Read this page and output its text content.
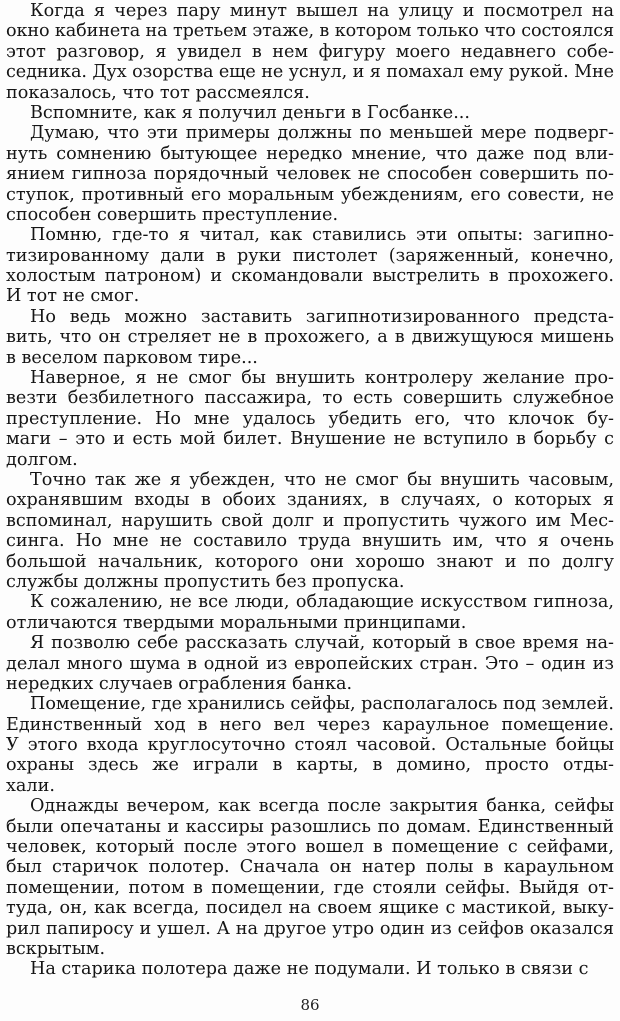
Когда я через пару минут вышел на улицу и посмотрел на
окно кабинета на третьем этаже, в котором только что состоялся
этот разговор, я увидел в нем фигуру моего недавнего собе-
седника. Дух озорства еще не уснул, и я помахал ему рукой. Мне
показалось, что тот рассмеялся.
Вспомните, как я получил деньги в Госбанке...
Думаю, что эти примеры должны по меньшей мере подверг-
нуть сомнению бытующее нередко мнение, что даже под вли-
янием гипноза порядочный человек не способен совершить по-
ступок, противный его моральным убеждениям, его совести, не
способен совершить преступление.
Помню, где-то я читал, как ставились эти опыты: загипно-
тизированному дали в руки пистолет (заряженный, конечно,
холостым патроном) и скомандовали выстрелить в прохожего.
И тот не смог.
Но ведь можно заставить загипнотизированного предста-
вить, что он стреляет не в прохожего, а в движущуюся мишень
в веселом парковом тире...
Наверное, я не смог бы внушить контролеру желание про-
везти безбилетного пассажира, то есть совершить служебное
преступление. Но мне удалось убедить его, что клочок бу-
маги – это и есть мой билет. Внушение не вступило в борьбу с
долгом.
Точно так же я убежден, что не смог бы внушить часовым,
охранявшим входы в обоих зданиях, в случаях, о которых я
вспоминал, нарушить свой долг и пропустить чужого им Мес-
синга. Но мне не составило труда внушить им, что я очень
большой начальник, которого они хорошо знают и по долгу
службы должны пропустить без пропуска.
К сожалению, не все люди, обладающие искусством гипноза,
отличаются твердыми моральными принципами.
Я позволю себе рассказать случай, который в свое время на-
делал много шума в одной из европейских стран. Это – один из
нередких случаев ограбления банка.
Помещение, где хранились сейфы, располагалось под землей.
Единственный ход в него вел через караульное помещение.
У этого входа круглосуточно стоял часовой. Остальные бойцы
охраны здесь же играли в карты, в домино, просто отды-
хали.
Однажды вечером, как всегда после закрытия банка, сейфы
были опечатаны и кассиры разошлись по домам. Единственный
человек, который после этого вошел в помещение с сейфами,
был старичок полотер. Сначала он натер полы в караульном
помещении, потом в помещении, где стояли сейфы. Выйдя от-
туда, он, как всегда, посидел на своем ящике с мастикой, выку-
рил папиросу и ушел. А на другое утро один из сейфов оказался
вскрытым.
На старика полотера даже не подумали. И только в связи с
86
